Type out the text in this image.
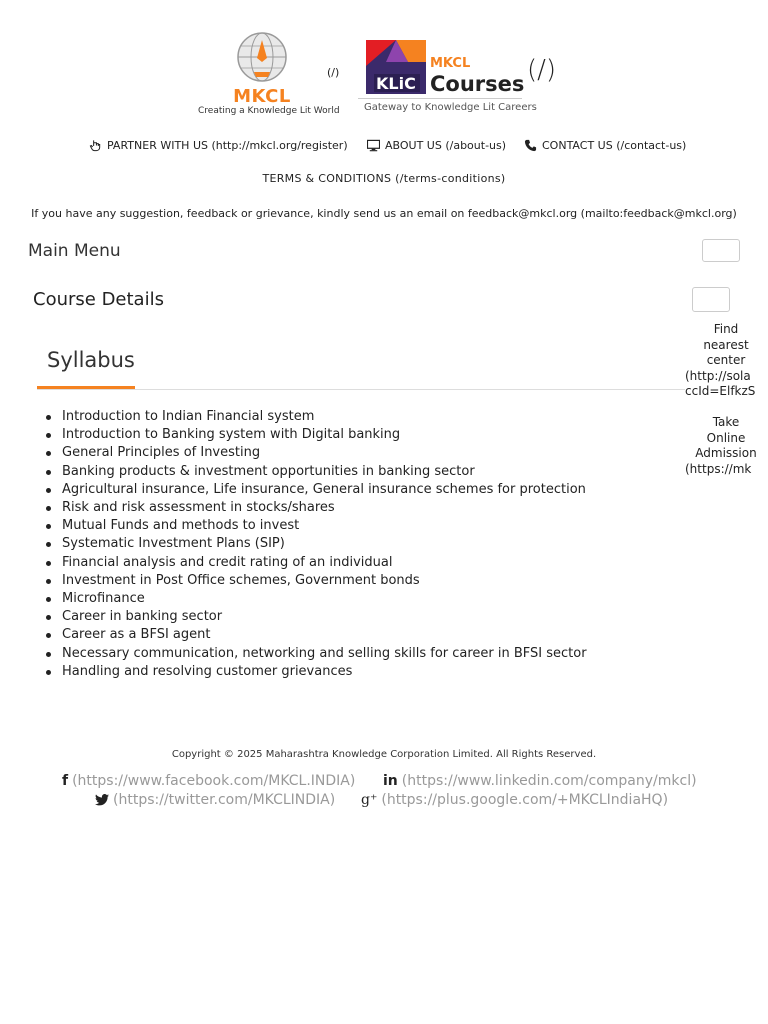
MKCL
Creating a Knowledge Lit World
(/)
KLiC
MKCL
Courses
Gateway to Knowledge Lit Careers
(/)
PARTNER WITH US (http://mkcl.org/register)	ABOUT US (/about-us)	CONTACT US (/contact-us)
TERMS & CONDITIONS (/terms-conditions)
If you have any suggestion, feedback or grievance, kindly send us an email on feedback@mkcl.org (mailto:feedback@mkcl.org)
Main Menu
Course Details
Find
nearest
center
(http://sola
ccId=ElfkzS
Take
Online
Admission
(https://mk
Syllabus
Introduction to Indian Financial system
Introduction to Banking system with Digital banking
General Principles of Investing
Banking products & investment opportunities in banking sector
Agricultural insurance, Life insurance, General insurance schemes for protection
Risk and risk assessment in stocks/shares
Mutual Funds and methods to invest
Systematic Investment Plans (SIP)
Financial analysis and credit rating of an individual
Investment in Post Office schemes, Government bonds
Microfinance
Career in banking sector
Career as a BFSI agent
Necessary communication, networking and selling skills for career in BFSI sector
Handling and resolving customer grievances
Copyright © 2025 Maharashtra Knowledge Corporation Limited. All Rights Reserved.
f (https://www.facebook.com/MKCL.INDIA) in (https://www.linkedin.com/company/mkcl)
(https://twitter.com/MKCLINDIA) g⁺ (https://plus.google.com/+MKCLIndiaHQ)
